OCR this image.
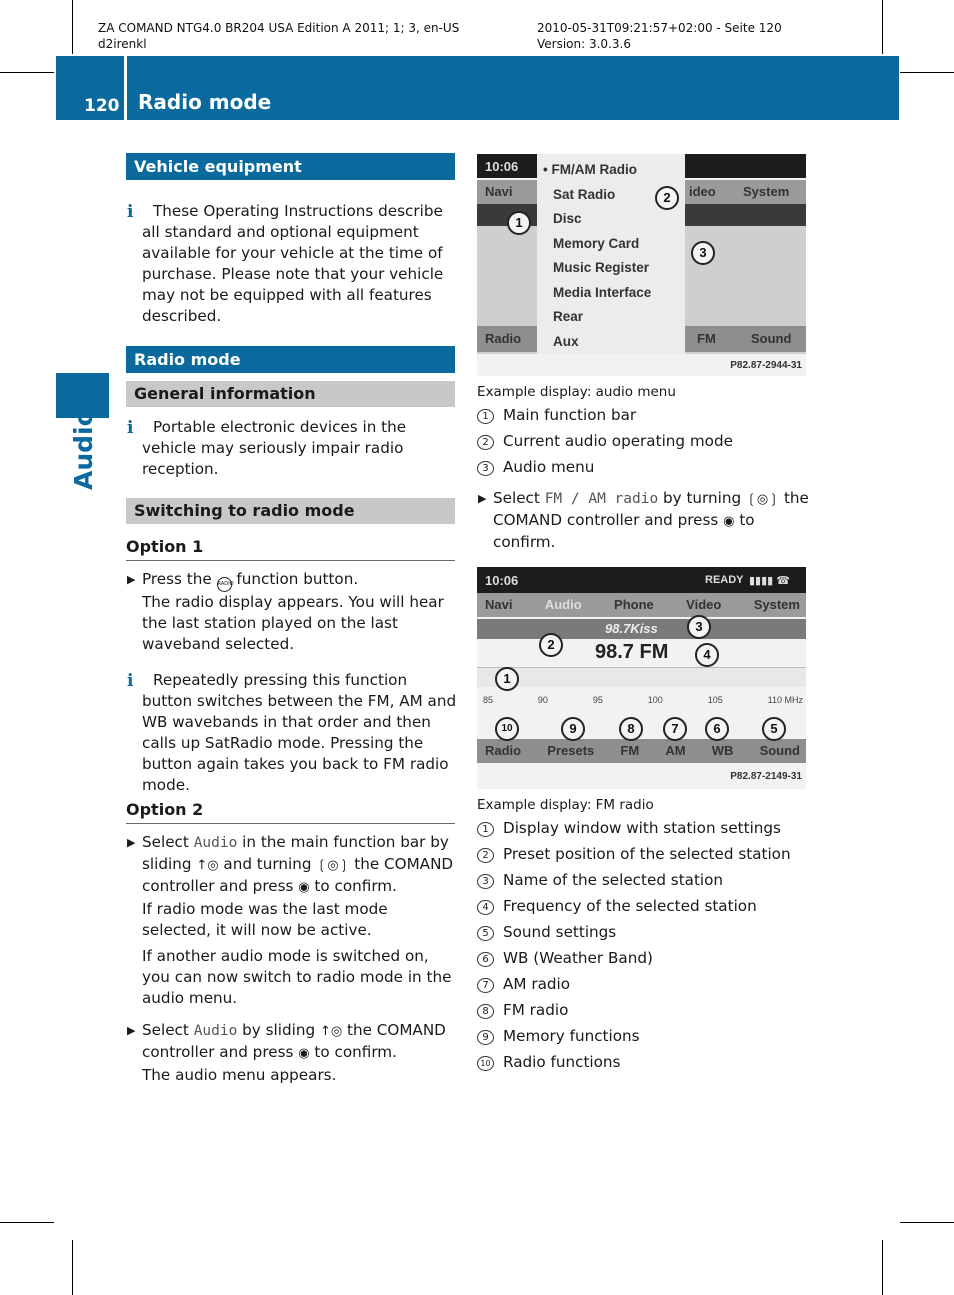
ZA COMAND NTG4.0 BR204 USA Edition A 2011; 1; 3, en-US
d2irenkl
2010-05-31T09:21:57+02:00 - Seite 120
Version: 3.0.3.6
120 Radio mode
Audio
Vehicle equipment
i	These Operating Instructions describe all standard and optional equipment available for your vehicle at the time of purchase. Please note that your vehicle may not be equipped with all features described.
Radio mode
General information
i	Portable electronic devices in the vehicle may seriously impair radio reception.
Switching to radio mode
Option 1
▶ Press the RADIO function button.
The radio display appears. You will hear the last station played on the last waveband selected.
i	Repeatedly pressing this function button switches between the FM, AM and WB wavebands in that order and then calls up SatRadio mode. Pressing the button again takes you back to FM radio mode.
Option 2
▶ Select Audio in the main function bar by sliding ↑◎ and turning ❲◎❳ the COMAND controller and press ◉ to confirm.
If radio mode was the last mode selected, it will now be active.
If another audio mode is switched on, you can now switch to radio mode in the audio menu.
▶ Select Audio by sliding ↑◎ the COMAND controller and press ◉ to confirm.
The audio menu appears.
10:06
Navi	ideo System
Radio	FM	Sound
• FM/AM Radio
Sat Radio
Disc
Memory Card
Music Register
Media Interface
Rear
Aux
1
2
3
P82.87-2944-31
Example display: audio menu
1 Main function bar
2 Current audio operating mode
3 Audio menu
▶ Select FM / AM radio by turning ❲◎❳ the COMAND controller and press ◉ to confirm.
10:06	READY ▮▮▮▮ ☎
Navi Audio Phone Video System
98.7Kiss
98.7 FM
85	90	95	100	105	110 MHz
Radio Presets FM AM WB Sound
1
2
3
4
10	9	8	7	6	5
P82.87-2149-31
Example display: FM radio
1 Display window with station settings
2 Preset position of the selected station
3 Name of the selected station
4 Frequency of the selected station
5 Sound settings
6 WB (Weather Band)
7 AM radio
8 FM radio
9 Memory functions
10 Radio functions
